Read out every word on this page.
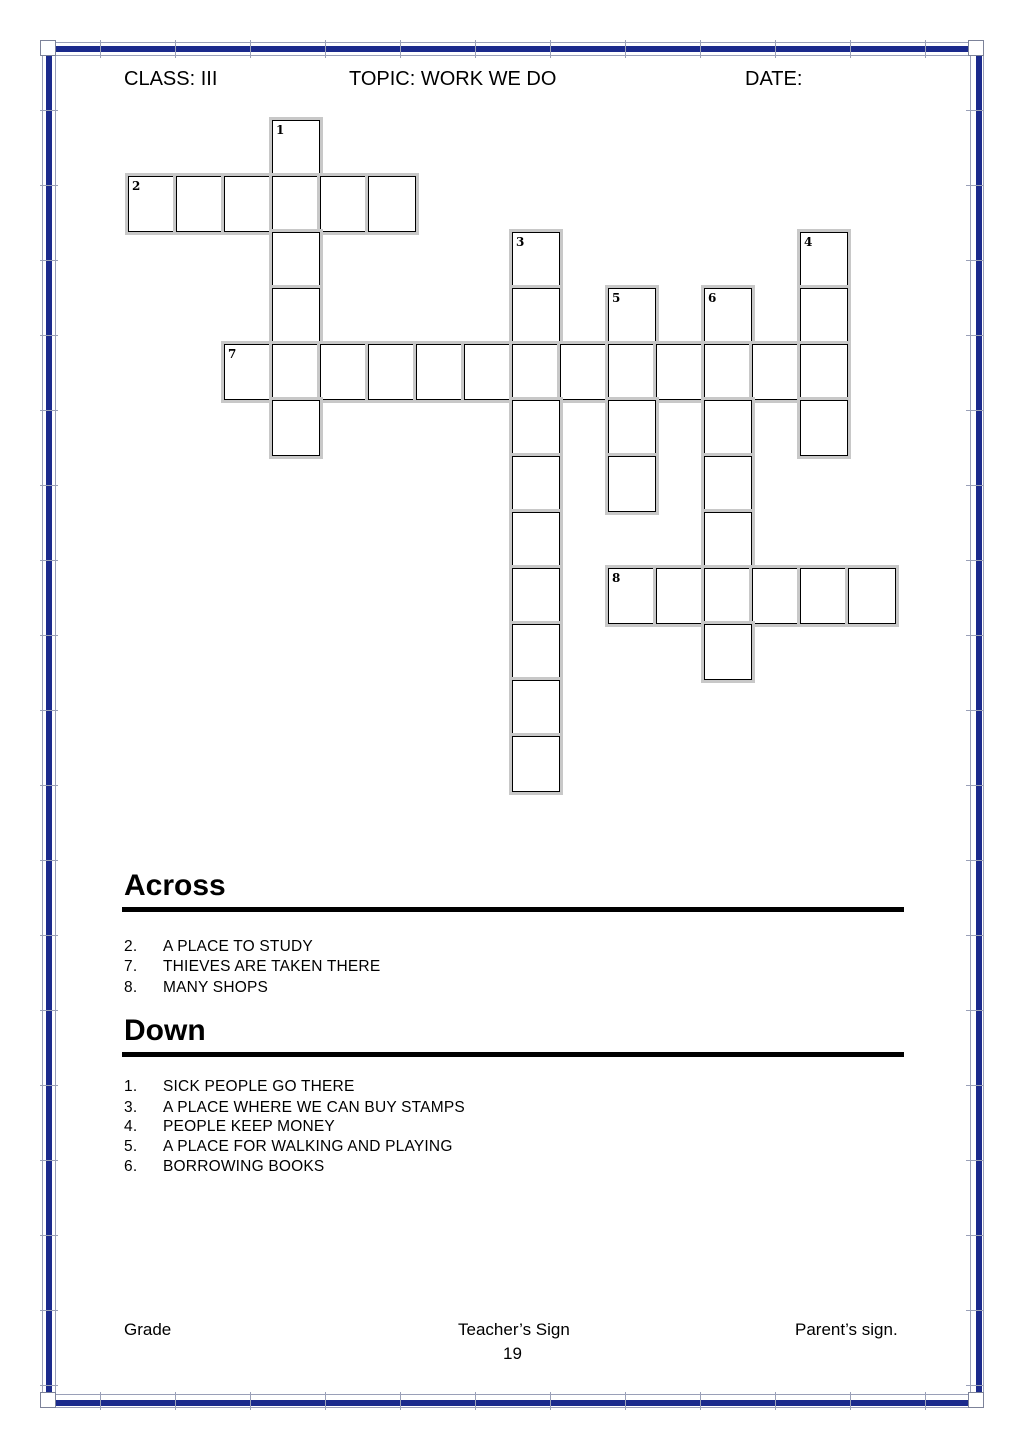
CLASS: III	TOPIC: WORK WE DO	DATE:
1
2
3	4
5	6
7
8
Across
2. A PLACE TO STUDY
7. THIEVES ARE TAKEN THERE
8. MANY SHOPS
Down
1. SICK PEOPLE GO THERE
3. A PLACE WHERE WE CAN BUY STAMPS
4. PEOPLE KEEP MONEY
5. A PLACE FOR WALKING AND PLAYING
6. BORROWING BOOKS
Grade	Teacher’s Sign	Parent’s sign.
19
